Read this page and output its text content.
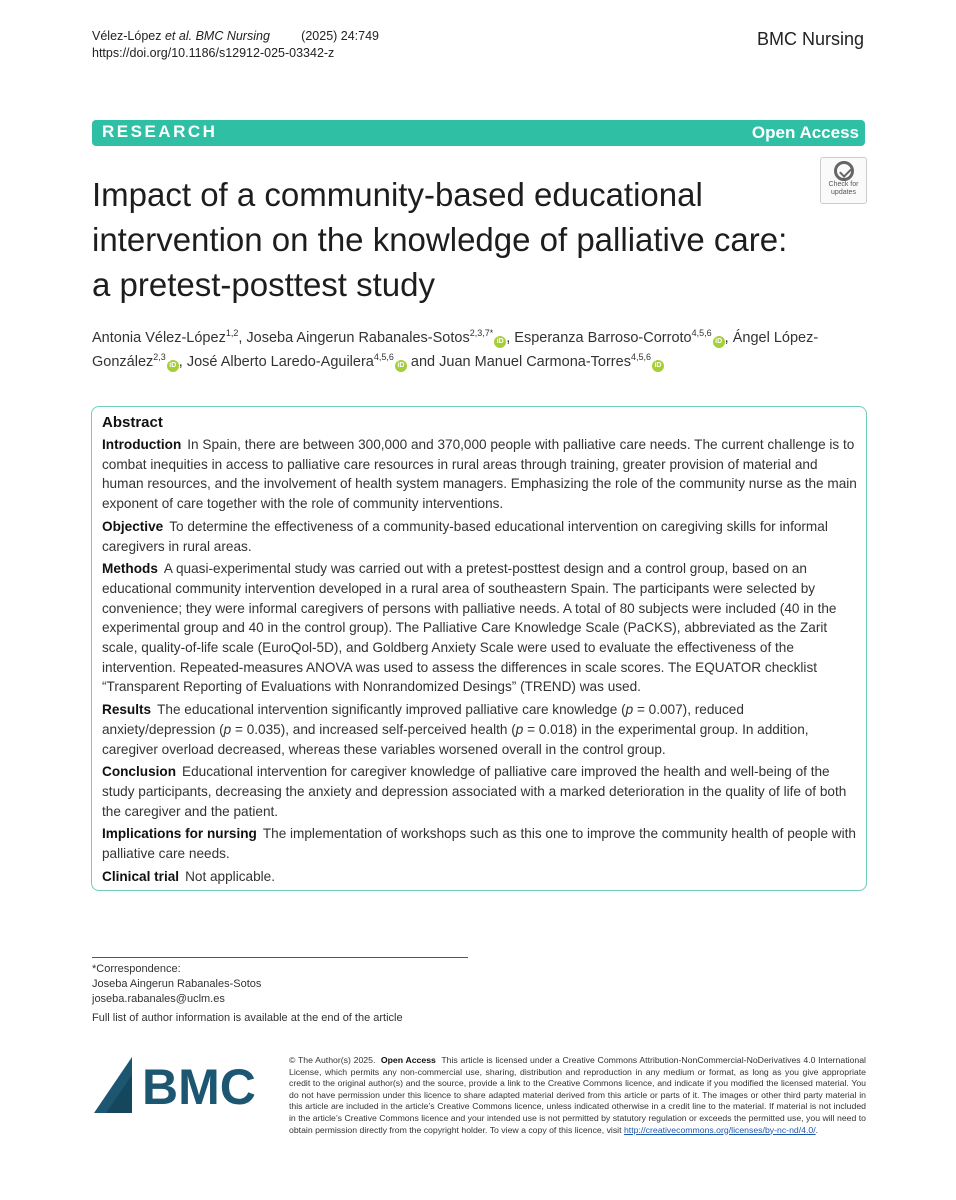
Vélez-López et al. BMC Nursing	(2025) 24:749
https://doi.org/10.1186/s12912-025-03342-z
BMC Nursing
RESEARCH	Open Access
Impact of a community-based educational intervention on the knowledge of palliative care: a pretest-posttest study
Check for
updates
Antonia Vélez-López$^{1,2}$, Joseba Aingerun Rabanales-Sotos$^{2,3,7*}$iD , Esperanza Barroso-Corroto$^{4,5,6}$iD , Ángel López-González$^{2,3}$iD , José Alberto Laredo-Aguilera$^{4,5,6}$iD and Juan Manuel Carmona-Torres$^{4,5,6}$iD
Abstract

Introduction In Spain, there are between 300,000 and 370,000 people with palliative care needs. The current challenge is to combat inequities in access to palliative care resources in rural areas through training, greater provision of material and human resources, and the involvement of health system managers. Emphasizing the role of the community nurse as the main exponent of care together with the role of community interventions.

Objective To determine the effectiveness of a community-based educational intervention on caregiving skills for informal caregivers in rural areas.

Methods A quasi-experimental study was carried out with a pretest-posttest design and a control group, based on an educational community intervention developed in a rural area of southeastern Spain. The participants were selected by convenience; they were informal caregivers of persons with palliative needs. A total of 80 subjects were included (40 in the experimental group and 40 in the control group). The Palliative Care Knowledge Scale (PaCKS), abbreviated as the Zarit scale, quality-of-life scale (EuroQol-5D), and Goldberg Anxiety Scale were used to evaluate the effectiveness of the intervention. Repeated-measures ANOVA was used to assess the differences in scale scores. The EQUATOR checklist “Transparent Reporting of Evaluations with Nonrandomized Desings” (TREND) was used.

Results The educational intervention significantly improved palliative care knowledge (p = 0.007), reduced anxiety/depression (p = 0.035), and increased self-perceived health (p = 0.018) in the experimental group. In addition, caregiver overload decreased, whereas these variables worsened overall in the control group.

Conclusion Educational intervention for caregiver knowledge of palliative care improved the health and well-being of the study participants, decreasing the anxiety and depression associated with a marked deterioration in the quality of life of both the caregiver and the patient.

Implications for nursing The implementation of workshops such as this one to improve the community health of people with palliative care needs.

Clinical trial Not applicable.

*Correspondence:
Joseba Aingerun Rabanales-Sotos
joseba.rabanales@uclm.es
Full list of author information is available at the end of the article
BMC	© The Author(s) 2025. Open Access This article is licensed under a Creative Commons Attribution-NonCommercial-NoDerivatives 4.0 International License, which permits any non-commercial use, sharing, distribution and reproduction in any medium or format, as long as you give appropriate credit to the original author(s) and the source, provide a link to the Creative Commons licence, and indicate if you modified the licensed material. You do not have permission under this licence to share adapted material derived from this article or parts of it. The images or other third party material in this article are included in the article’s Creative Commons licence, unless indicated otherwise in a credit line to the material. If material is not included in the article’s Creative Commons licence and your intended use is not permitted by statutory regulation or exceeds the permitted use, you will need to obtain permission directly from the copyright holder. To view a copy of this licence, visit http://creativecommons.org/licenses/by-nc-nd/4.0/.
